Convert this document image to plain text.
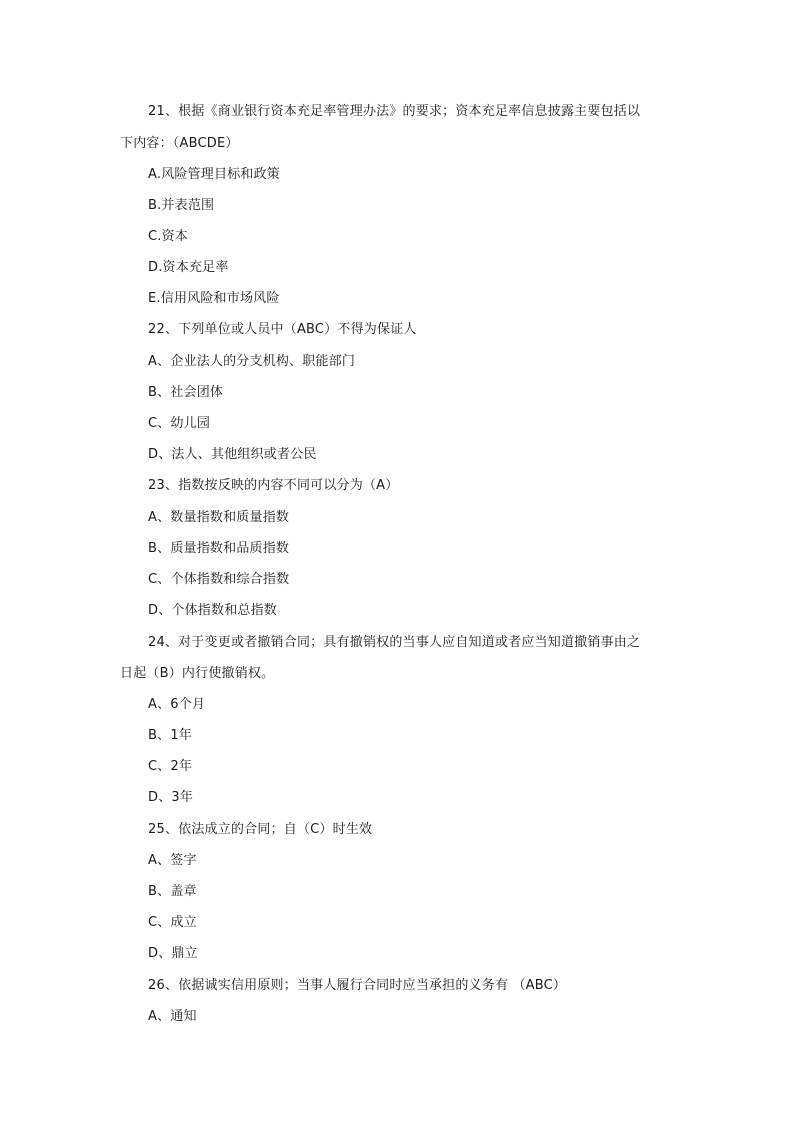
21、根据《商业银行资本充足率管理办法》的要求；资本充足率信息披露主要包括以
下内容：（ABCDE）
A.风险管理目标和政策
B.并表范围
C.资本
D.资本充足率
E.信用风险和市场风险
22、下列单位或人员中（ABC）不得为保证人
A、企业法人的分支机构、职能部门
B、社会团体
C、幼儿园
D、法人、其他组织或者公民
23、指数按反映的内容不同可以分为（A）
A、数量指数和质量指数
B、质量指数和品质指数
C、个体指数和综合指数
D、个体指数和总指数
24、对于变更或者撤销合同；具有撤销权的当事人应自知道或者应当知道撤销事由之
日起（B）内行使撤销权。
A、6个月
B、1年
C、2年
D、3年
25、依法成立的合同；自（C）时生效
A、签字
B、盖章
C、成立
D、鼎立
26、依据诚实信用原则；当事人履行合同时应当承担的义务有 （ABC）
A、通知
